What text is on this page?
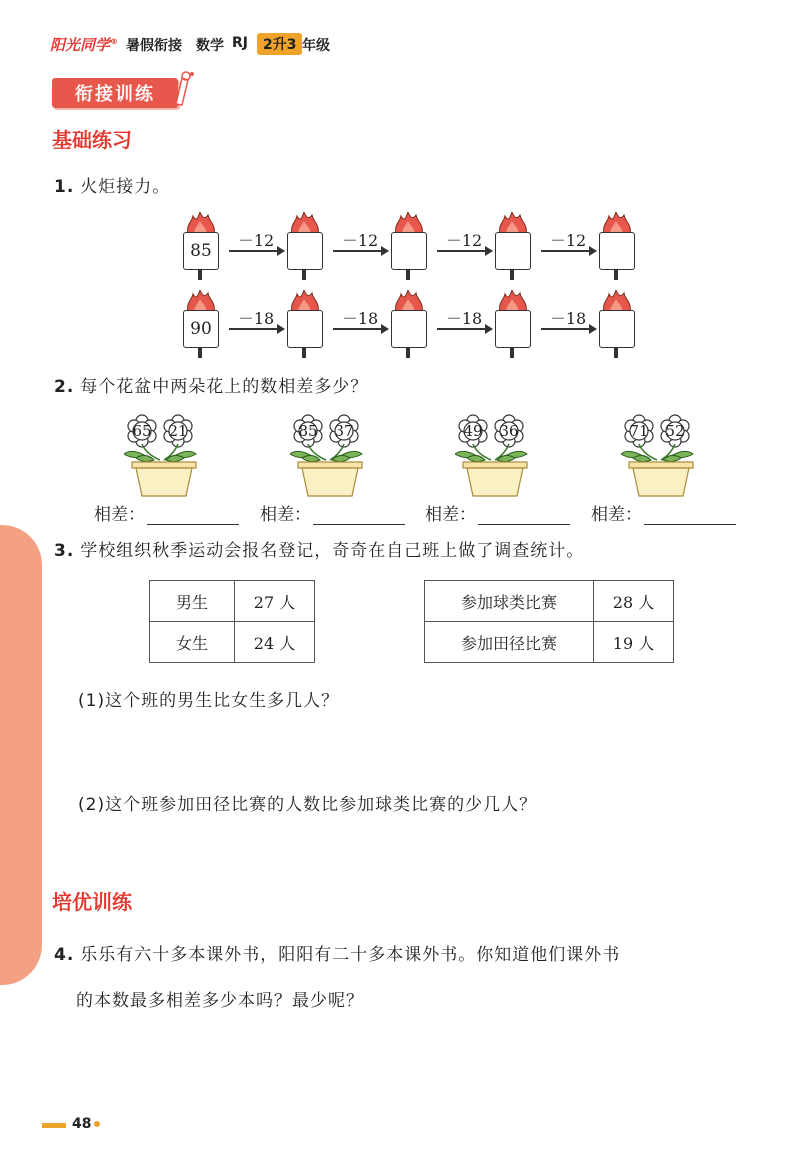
阳光同学® 暑假衔接 数学 RJ	2升3 年级
衔接训练
基础练习
1. 火炬接力。
85
－12	－12	－12	－12
90
－18	－18	－18	－18
2. 每个花盆中两朵花上的数相差多少？
65	21
相差：
85	37
相差：
49	36
相差：
71	52
相差：
3. 学校组织秋季运动会报名登记，奇奇在自己班上做了调查统计。
男生	27 人
女生	24 人
参加球类比赛	28 人
参加田径比赛	19 人
(1)这个班的男生比女生多几人？
(2)这个班参加田径比赛的人数比参加球类比赛的少几人？
培优训练
4. 乐乐有六十多本课外书，阳阳有二十多本课外书。你知道他们课外书
的本数最多相差多少本吗？最少呢？
48
